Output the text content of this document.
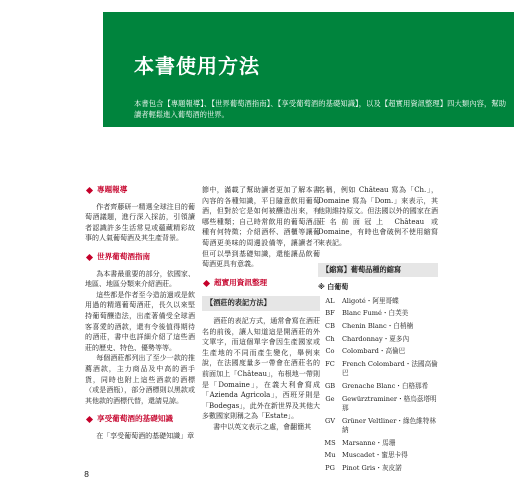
本書使用方法

本書包含【專題報導】、【世界葡萄酒指南】、【享受葡萄酒的基礎知識】，以及【超實用資訊整理】四大類內容，幫助讀者輕鬆進入葡萄酒的世界。

專題報導

作者齊藤研一精選全球注目的葡萄酒議題，進行深入採訪，引領讀者認識許多生活常見或蘊藏精彩故事的人氣葡萄酒及其生產背景。

世界葡萄酒指南

為本書最重要的部分，依國家、地區、地區分類來介紹酒莊。

這些都是作者至今造訪過或是飲用過的精選葡萄酒莊，長久以來堅持葡萄釀造法，出產著備受全球酒客喜愛的酒款，還有令後值得期待的酒莊，書中也詳細介紹了這些酒莊的歷史、特色、優勢等等。

每個酒莊都列出了至少一款的推薦酒款，主力商品及中高的酒手貨，同時也附上這些酒款的酒標（或是酒瓶），部分酒標則以黑款或其他款的酒標代替，還請見諒。

享受葡萄酒的基礎知識

在「享受葡萄酒的基礎知識」章

節中，滿載了幫助讀者更加了解本書內容的各種知識，平日隨意飲用葡萄酒，但對於它是如何被釀造出來，有哪些種類；自己時常飲用的葡萄酒品種有何特徵；介紹酒杯、酒櫃等讓葡萄酒更美味的周邊設備等，讓讀者不但可以學到基礎知識，還能讓品飲葡萄酒更具有意義。

超實用資訊整理
【酒莊的表記方法】

酒莊的表記方式，通常會寫在酒莊名的前後，讓人知道這是開酒莊的外文單字，而這個單字會因生產國家或生產地的不同而產生變化，舉例來說，在法國度量多一帶會在酒莊名的前面加上「Château」，布根地一帶則是「Domaine」，在義大利會寫成「Azienda Agricola」，西班牙則是「Bodegas」，此外在新世界及其他大多數國家則稱之為「Estate」。

書中以英文表示之處，會翻簡其

名稱，例如 Château 寫為「Ch.」，Domaine 寫為「Dom.」來表示，其他則維持原文。但法國以外的國家在酒莊名前面冠上 Château 或 Domaine，有時也會破例不使用縮寫來表記。

【縮寫】葡萄品種的縮寫
※ 白葡萄
AL	Aligoté・阿里哥蝶
BF	Blanc Fumé・白芙美
CB	Chenin Blanc・白梢楠
Ch	Chardonnay・夏多內
Co	Colombard・高倫巴
FC	French Colombard・法國高倫巴
GB	Grenache Blanc・白格那希
Ge	Gewürztraminer・格烏茲塔明那
GV	Grüner Veltliner・綠色維特林納
MS Marsanne・馬珊
Mu Muscadet・蜜思卡得
PG	Pinot Gris・灰皮諾
8
